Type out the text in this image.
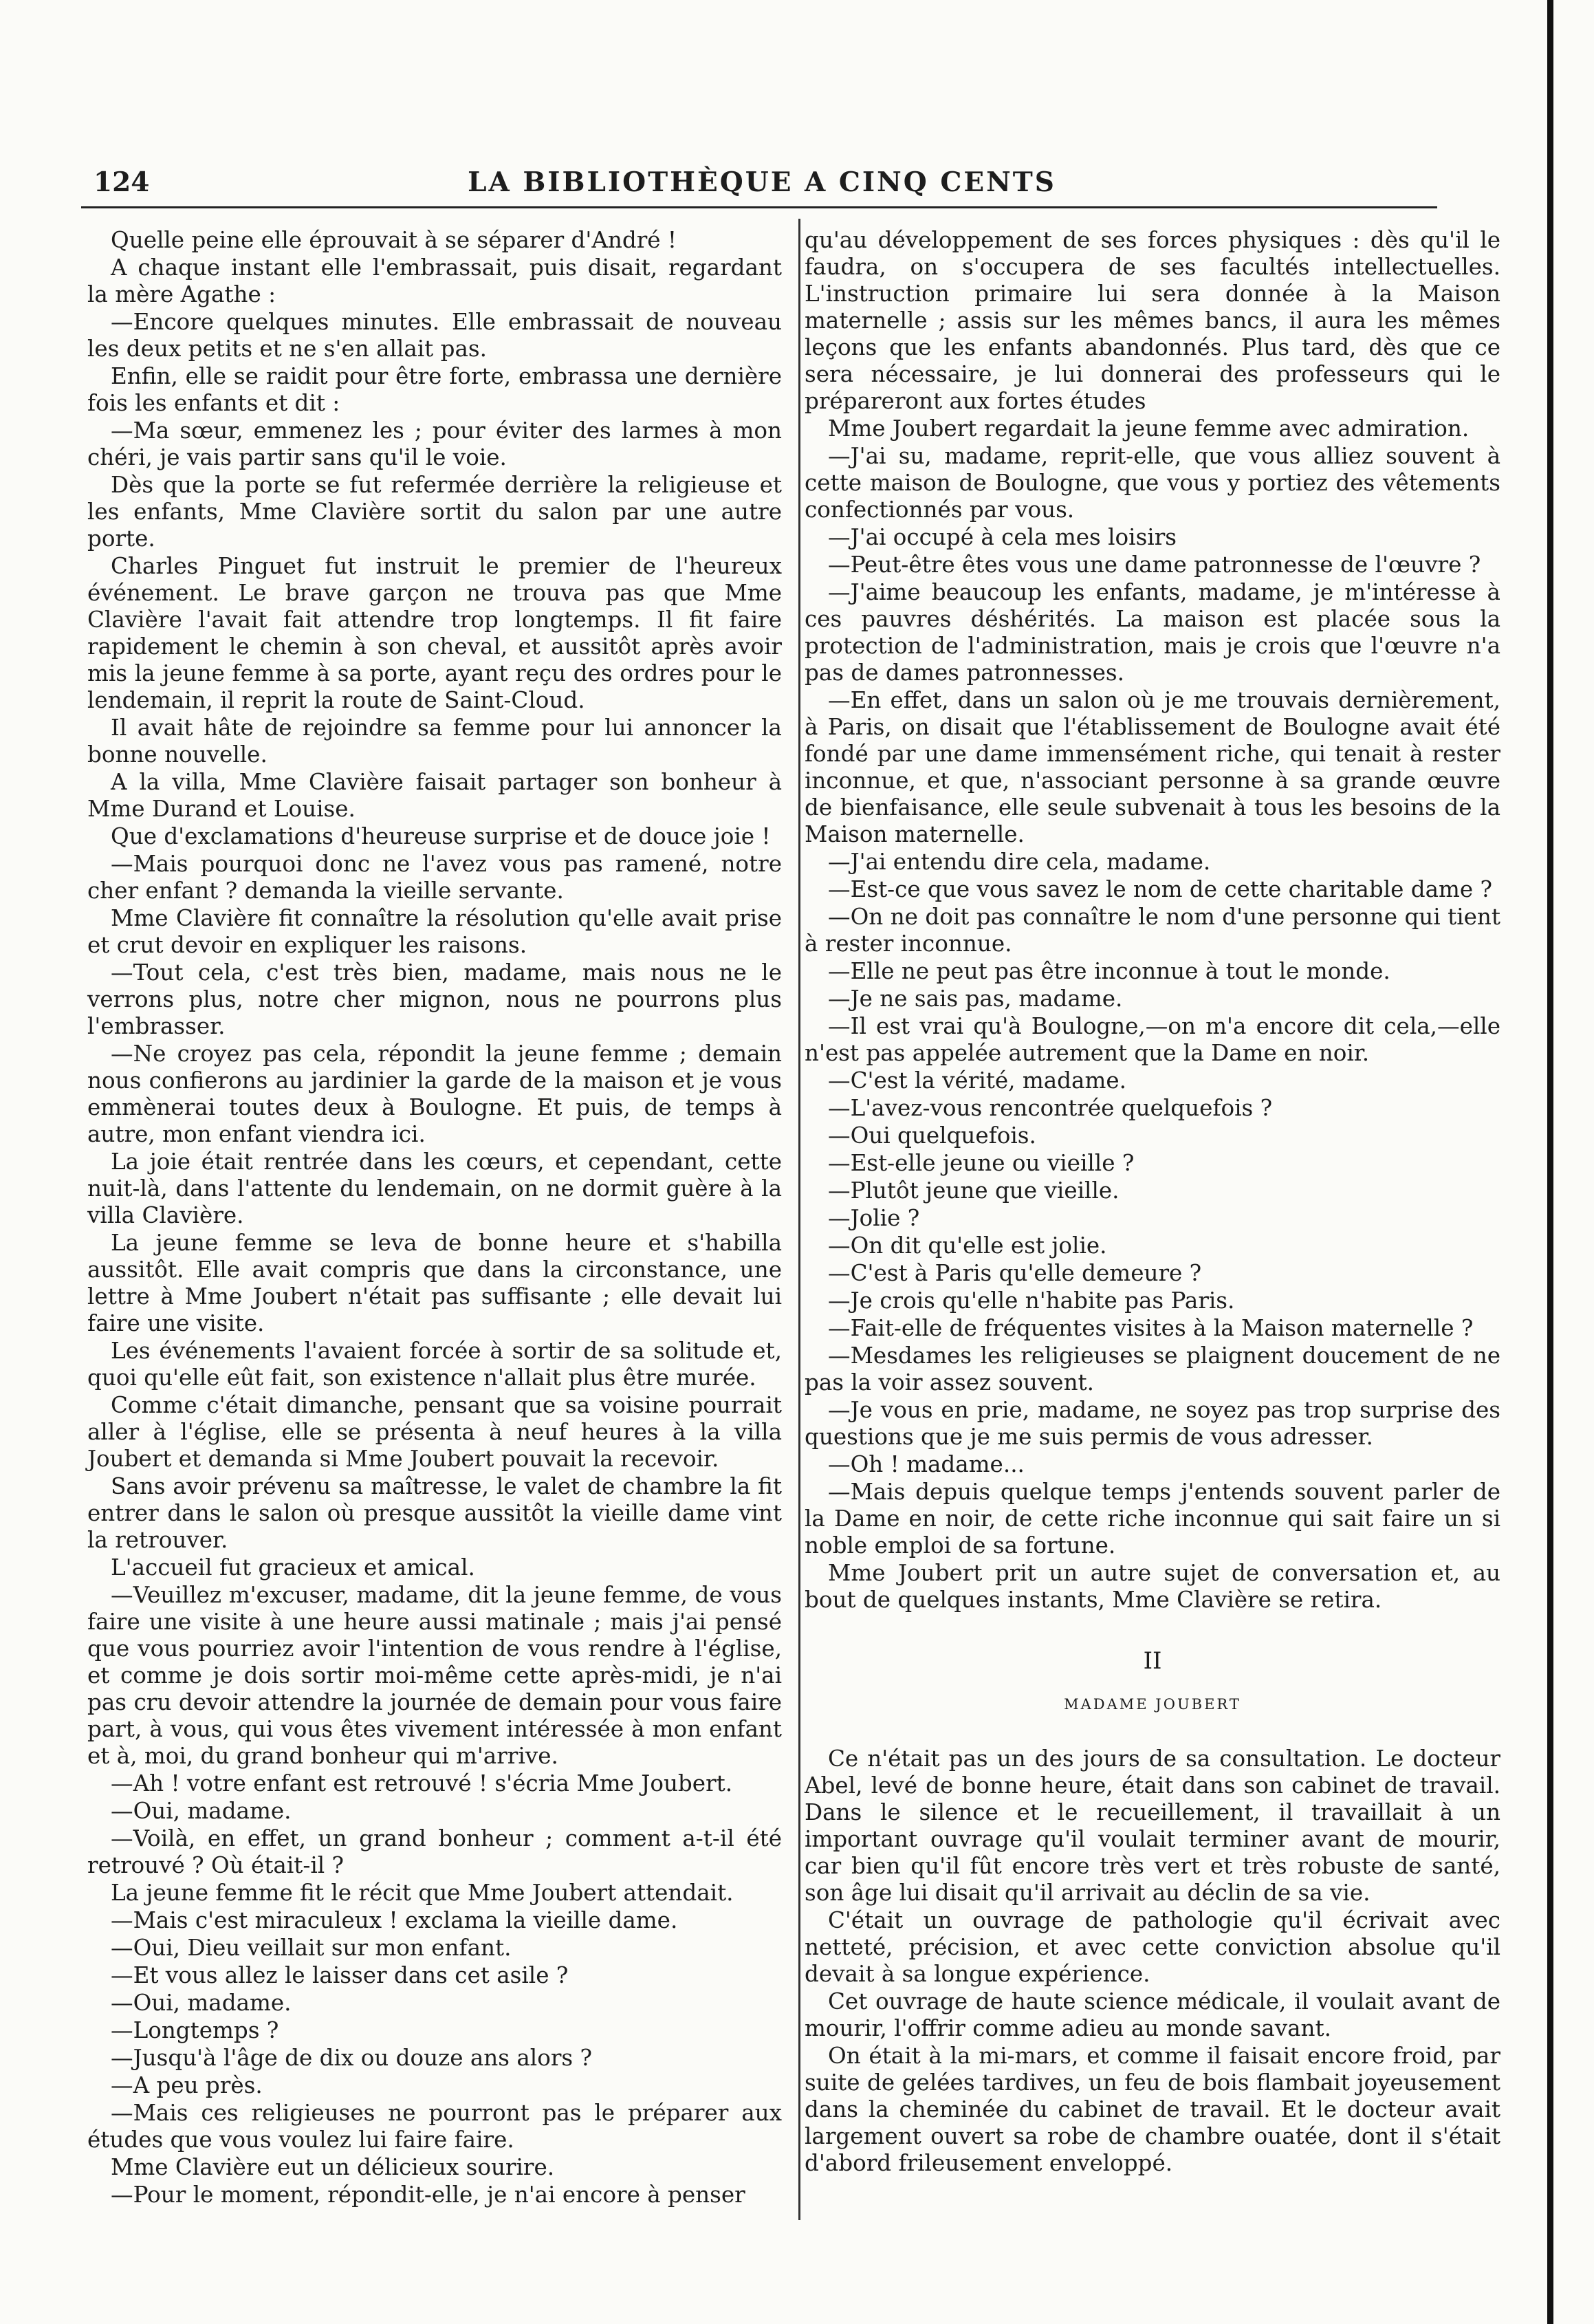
124	LA BIBLIOTHÈQUE A CINQ CENTS

Quelle peine elle éprouvait à se séparer d'André !

A chaque instant elle l'embrassait, puis disait, regardant la mère Agathe :

—Encore quelques minutes. Elle embrassait de nouveau les deux petits et ne s'en allait pas.

Enfin, elle se raidit pour être forte, embrassa une dernière fois les enfants et dit :

—Ma sœur, emmenez les ; pour éviter des larmes à mon chéri, je vais partir sans qu'il le voie.

Dès que la porte se fut refermée derrière la religieuse et les enfants, Mme Clavière sortit du salon par une autre porte.

Charles Pinguet fut instruit le premier de l'heureux événement. Le brave garçon ne trouva pas que Mme Clavière l'avait fait attendre trop longtemps. Il fit faire rapidement le chemin à son cheval, et aussitôt après avoir mis la jeune femme à sa porte, ayant reçu des ordres pour le lendemain, il reprit la route de Saint-Cloud.

Il avait hâte de rejoindre sa femme pour lui annoncer la bonne nouvelle.

A la villa, Mme Clavière faisait partager son bonheur à Mme Durand et Louise.

Que d'exclamations d'heureuse surprise et de douce joie !

—Mais pourquoi donc ne l'avez vous pas ramené, notre cher enfant ? demanda la vieille servante.

Mme Clavière fit connaître la résolution qu'elle avait prise et crut devoir en expliquer les raisons.

—Tout cela, c'est très bien, madame, mais nous ne le verrons plus, notre cher mignon, nous ne pourrons plus l'embrasser.

—Ne croyez pas cela, répondit la jeune femme ; demain nous confierons au jardinier la garde de la maison et je vous emmènerai toutes deux à Boulogne. Et puis, de temps à autre, mon enfant viendra ici.

La joie était rentrée dans les cœurs, et cependant, cette nuit-là, dans l'attente du lendemain, on ne dormit guère à la villa Clavière.

La jeune femme se leva de bonne heure et s'habilla aussitôt. Elle avait compris que dans la circonstance, une lettre à Mme Joubert n'était pas suffisante ; elle devait lui faire une visite.

Les événements l'avaient forcée à sortir de sa solitude et, quoi qu'elle eût fait, son existence n'allait plus être murée.

Comme c'était dimanche, pensant que sa voisine pourrait aller à l'église, elle se présenta à neuf heures à la villa Joubert et demanda si Mme Joubert pouvait la recevoir.

Sans avoir prévenu sa maîtresse, le valet de chambre la fit entrer dans le salon où presque aussitôt la vieille dame vint la retrouver.

L'accueil fut gracieux et amical.

—Veuillez m'excuser, madame, dit la jeune femme, de vous faire une visite à une heure aussi matinale ; mais j'ai pensé que vous pourriez avoir l'intention de vous rendre à l'église, et comme je dois sortir moi-même cette après-midi, je n'ai pas cru devoir attendre la journée de demain pour vous faire part, à vous, qui vous êtes vivement intéressée à mon enfant et à, moi, du grand bonheur qui m'arrive.

—Ah ! votre enfant est retrouvé ! s'écria Mme Joubert.

—Oui, madame.

—Voilà, en effet, un grand bonheur ; comment a-t-il été retrouvé ? Où était-il ?

La jeune femme fit le récit que Mme Joubert attendait.

—Mais c'est miraculeux ! exclama la vieille dame.

—Oui, Dieu veillait sur mon enfant.

—Et vous allez le laisser dans cet asile ?

—Oui, madame.

—Longtemps ?

—Jusqu'à l'âge de dix ou douze ans alors ?

—A peu près.

—Mais ces religieuses ne pourront pas le préparer aux études que vous voulez lui faire faire.

Mme Clavière eut un délicieux sourire.

—Pour le moment, répondit-elle, je n'ai encore à penser

qu'au développement de ses forces physiques : dès qu'il le faudra, on s'occupera de ses facultés intellectuelles. L'instruction primaire lui sera donnée à la Maison maternelle ; assis sur les mêmes bancs, il aura les mêmes leçons que les enfants abandonnés. Plus tard, dès que ce sera nécessaire, je lui donnerai des professeurs qui le prépareront aux fortes études

Mme Joubert regardait la jeune femme avec admiration.

—J'ai su, madame, reprit-elle, que vous alliez souvent à cette maison de Boulogne, que vous y portiez des vêtements confectionnés par vous.

—J'ai occupé à cela mes loisirs

—Peut-être êtes vous une dame patronnesse de l'œuvre ?

—J'aime beaucoup les enfants, madame, je m'intéresse à ces pauvres déshérités. La maison est placée sous la protection de l'administration, mais je crois que l'œuvre n'a pas de dames patronnesses.

—En effet, dans un salon où je me trouvais dernièrement, à Paris, on disait que l'établissement de Boulogne avait été fondé par une dame immensément riche, qui tenait à rester inconnue, et que, n'associant personne à sa grande œuvre de bienfaisance, elle seule subvenait à tous les besoins de la Maison maternelle.

—J'ai entendu dire cela, madame.

—Est-ce que vous savez le nom de cette charitable dame ?

—On ne doit pas connaître le nom d'une personne qui tient à rester inconnue.

—Elle ne peut pas être inconnue à tout le monde.

—Je ne sais pas, madame.

—Il est vrai qu'à Boulogne,—on m'a encore dit cela,—elle n'est pas appelée autrement que la Dame en noir.

—C'est la vérité, madame.

—L'avez-vous rencontrée quelquefois ?

—Oui quelquefois.

—Est-elle jeune ou vieille ?

—Plutôt jeune que vieille.

—Jolie ?

—On dit qu'elle est jolie.

—C'est à Paris qu'elle demeure ?

—Je crois qu'elle n'habite pas Paris.

—Fait-elle de fréquentes visites à la Maison maternelle ?

—Mesdames les religieuses se plaignent doucement de ne pas la voir assez souvent.

—Je vous en prie, madame, ne soyez pas trop surprise des questions que je me suis permis de vous adresser.

—Oh ! madame...

—Mais depuis quelque temps j'entends souvent parler de la Dame en noir, de cette riche inconnue qui sait faire un si noble emploi de sa fortune.

Mme Joubert prit un autre sujet de conversation et, au bout de quelques instants, Mme Clavière se retira.

II
MADAME JOUBERT

Ce n'était pas un des jours de sa consultation. Le docteur Abel, levé de bonne heure, était dans son cabinet de travail. Dans le silence et le recueillement, il travaillait à un important ouvrage qu'il voulait terminer avant de mourir, car bien qu'il fût encore très vert et très robuste de santé, son âge lui disait qu'il arrivait au déclin de sa vie.

C'était un ouvrage de pathologie qu'il écrivait avec netteté, précision, et avec cette conviction absolue qu'il devait à sa longue expérience.

Cet ouvrage de haute science médicale, il voulait avant de mourir, l'offrir comme adieu au monde savant.

On était à la mi-mars, et comme il faisait encore froid, par suite de gelées tardives, un feu de bois flambait joyeusement dans la cheminée du cabinet de travail. Et le docteur avait largement ouvert sa robe de chambre ouatée, dont il s'était d'abord frileusement enveloppé.
